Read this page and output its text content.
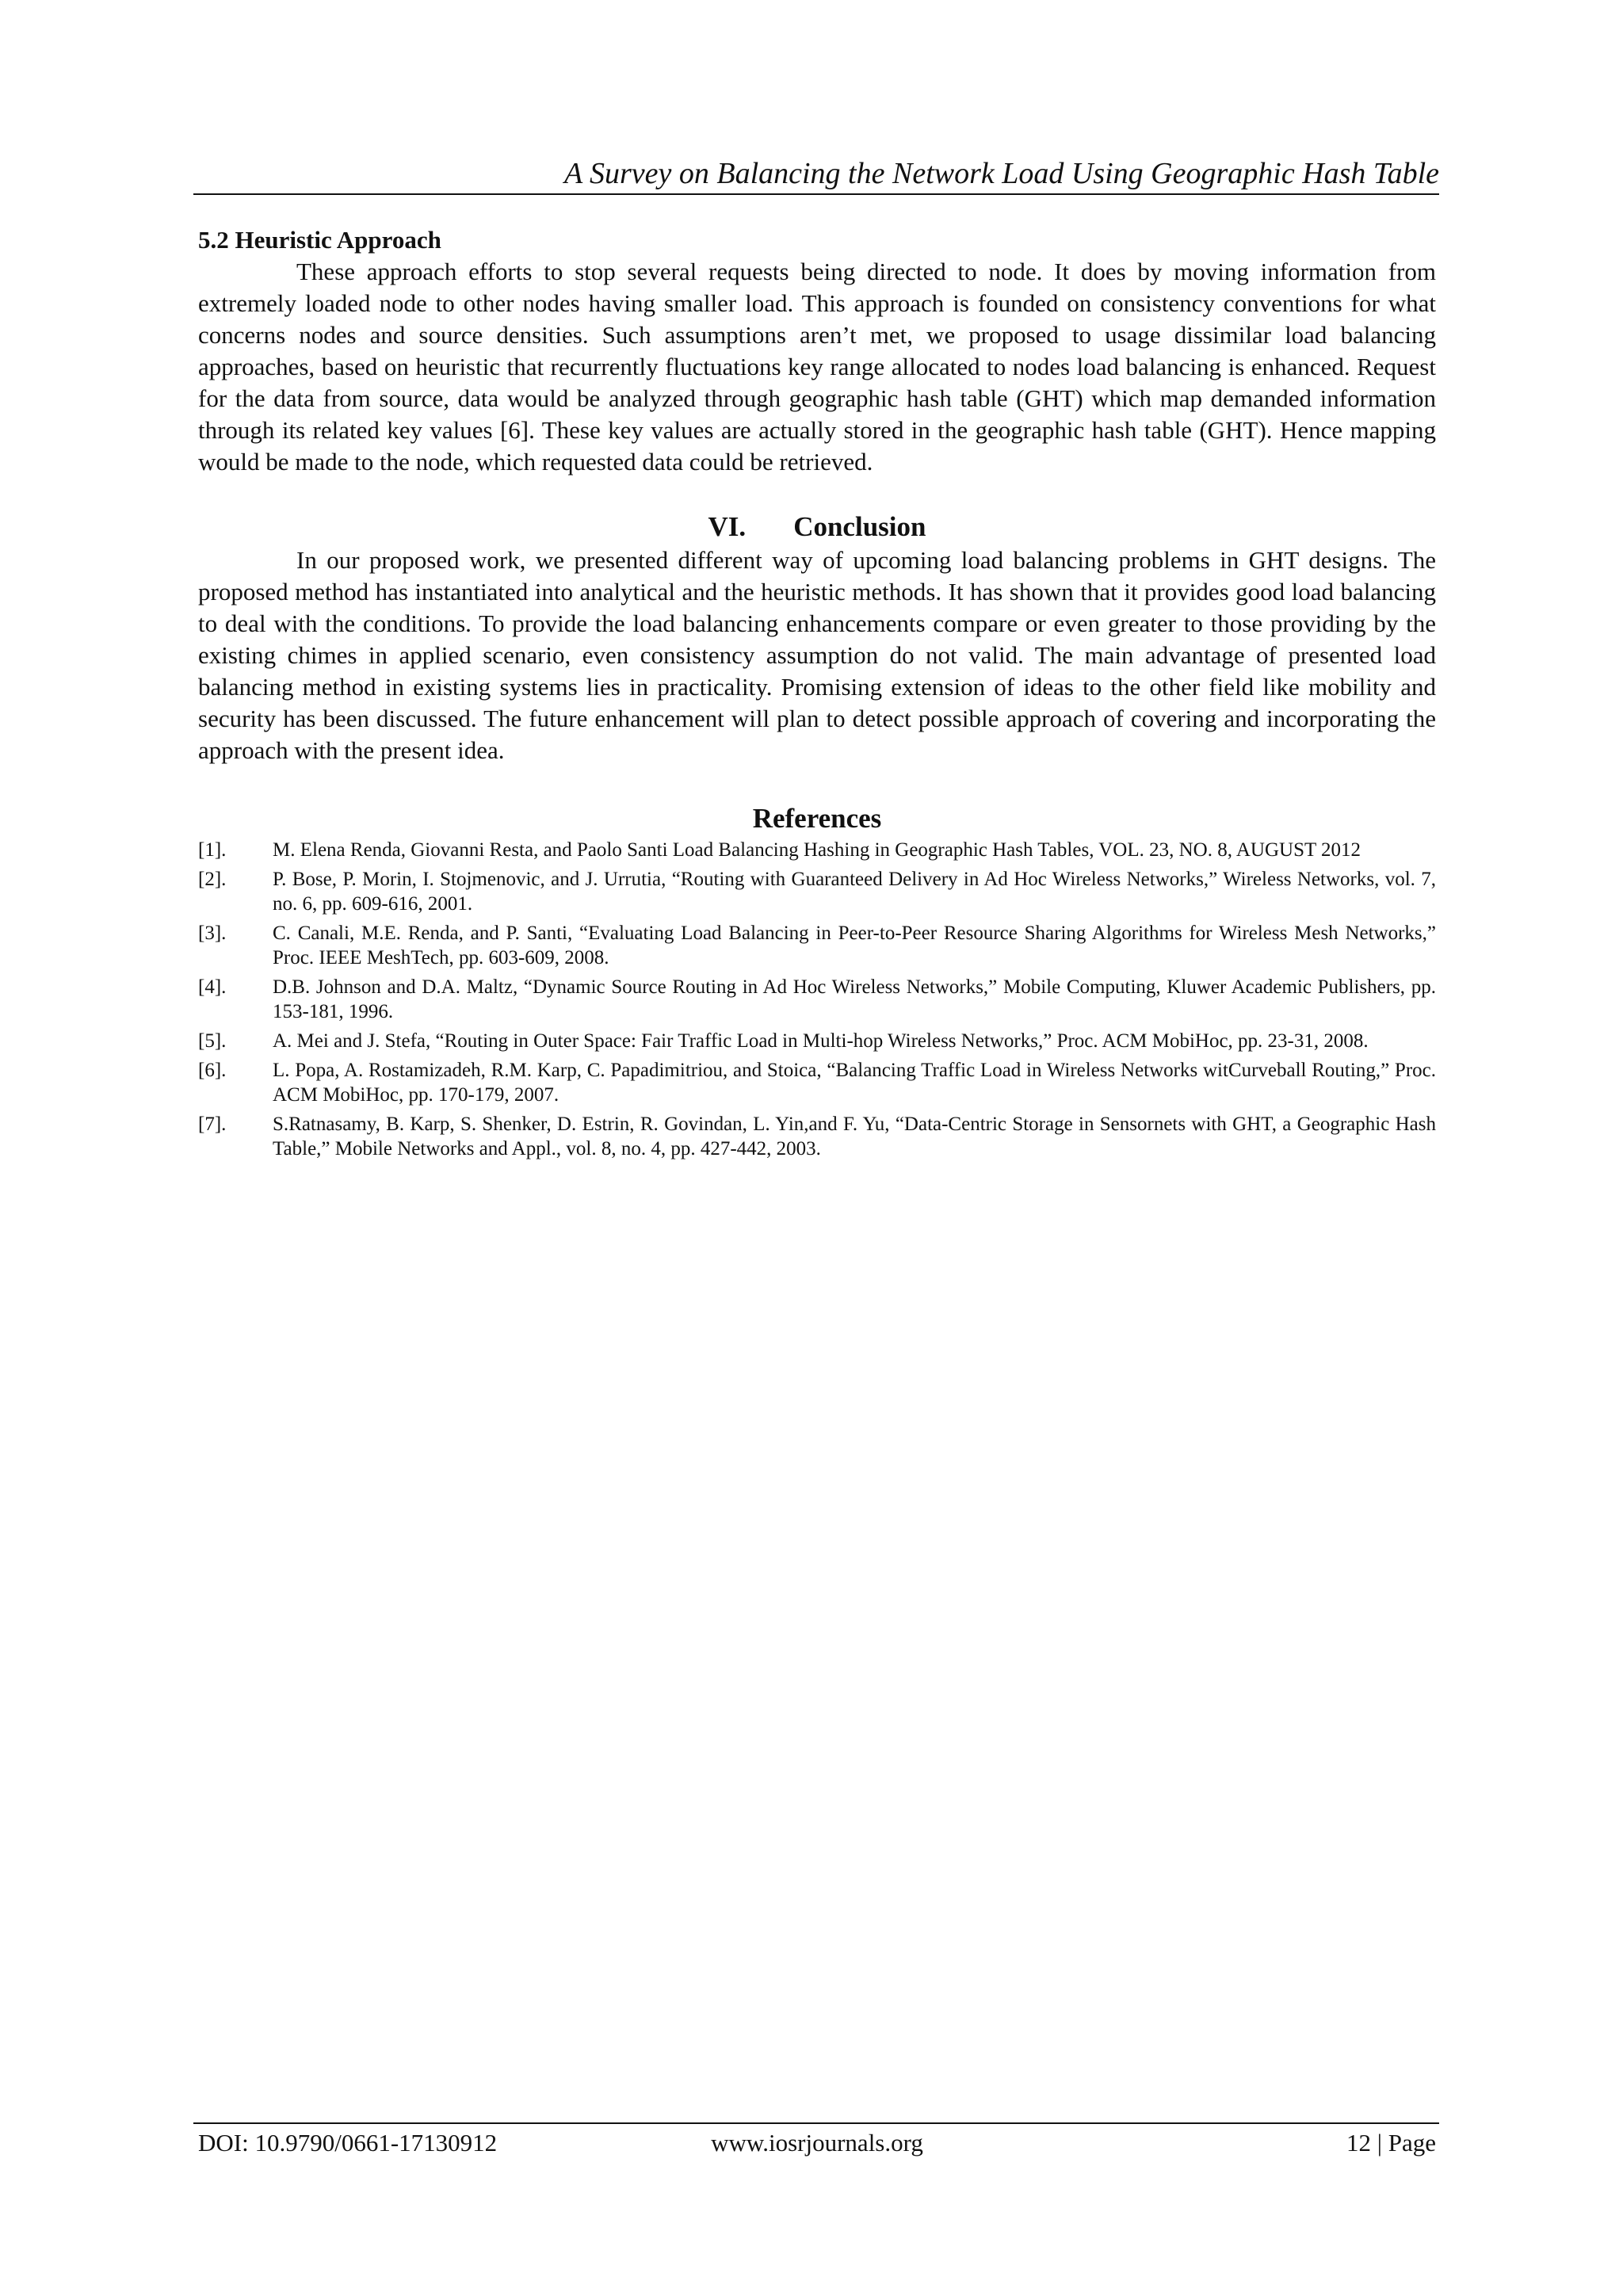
A Survey on Balancing the Network Load Using Geographic Hash Table
5.2 Heuristic Approach

These approach efforts to stop several requests being directed to node. It does by moving information from extremely loaded node to other nodes having smaller load. This approach is founded on consistency conventions for what concerns nodes and source densities. Such assumptions aren’t met, we proposed to usage dissimilar load balancing approaches, based on heuristic that recurrently fluctuations key range allocated to nodes load balancing is enhanced. Request for the data from source, data would be analyzed through geographic hash table (GHT) which map demanded information through its related key values [6]. These key values are actually stored in the geographic hash table (GHT). Hence mapping would be made to the node, which requested data could be retrieved.

VI. Conclusion

In our proposed work, we presented different way of upcoming load balancing problems in GHT designs. The proposed method has instantiated into analytical and the heuristic methods. It has shown that it provides good load balancing to deal with the conditions. To provide the load balancing enhancements compare or even greater to those providing by the existing chimes in applied scenario, even consistency assumption do not valid. The main advantage of presented load balancing method in existing systems lies in practicality. Promising extension of ideas to the other field like mobility and security has been discussed. The future enhancement will plan to detect possible approach of covering and incorporating the approach with the present idea.

References
[1].	M. Elena Renda, Giovanni Resta, and Paolo Santi Load Balancing Hashing in Geographic Hash Tables, VOL. 23, NO. 8, AUGUST 2012
[2].	P. Bose, P. Morin, I. Stojmenovic, and J. Urrutia, “Routing with Guaranteed Delivery in Ad Hoc Wireless Networks,” Wireless Networks, vol. 7, no. 6, pp. 609-616, 2001.
[3].	C. Canali, M.E. Renda, and P. Santi, “Evaluating Load Balancing in Peer-to-Peer Resource Sharing Algorithms for Wireless Mesh Networks,” Proc. IEEE MeshTech, pp. 603-609, 2008.
[4].	D.B. Johnson and D.A. Maltz, “Dynamic Source Routing in Ad Hoc Wireless Networks,” Mobile Computing, Kluwer Academic Publishers, pp. 153-181, 1996.
[5].	A. Mei and J. Stefa, “Routing in Outer Space: Fair Traffic Load in Multi-hop Wireless Networks,” Proc. ACM MobiHoc, pp. 23-31, 2008.
[6].	L. Popa, A. Rostamizadeh, R.M. Karp, C. Papadimitriou, and Stoica, “Balancing Traffic Load in Wireless Networks witCurveball Routing,” Proc. ACM MobiHoc, pp. 170-179, 2007.
[7].	S.Ratnasamy, B. Karp, S. Shenker, D. Estrin, R. Govindan, L. Yin,and F. Yu, “Data-Centric Storage in Sensornets with GHT, a Geographic Hash Table,” Mobile Networks and Appl., vol. 8, no. 4, pp. 427-442, 2003.
DOI: 10.9790/0661-17130912	www.iosrjournals.org	12 | Page
